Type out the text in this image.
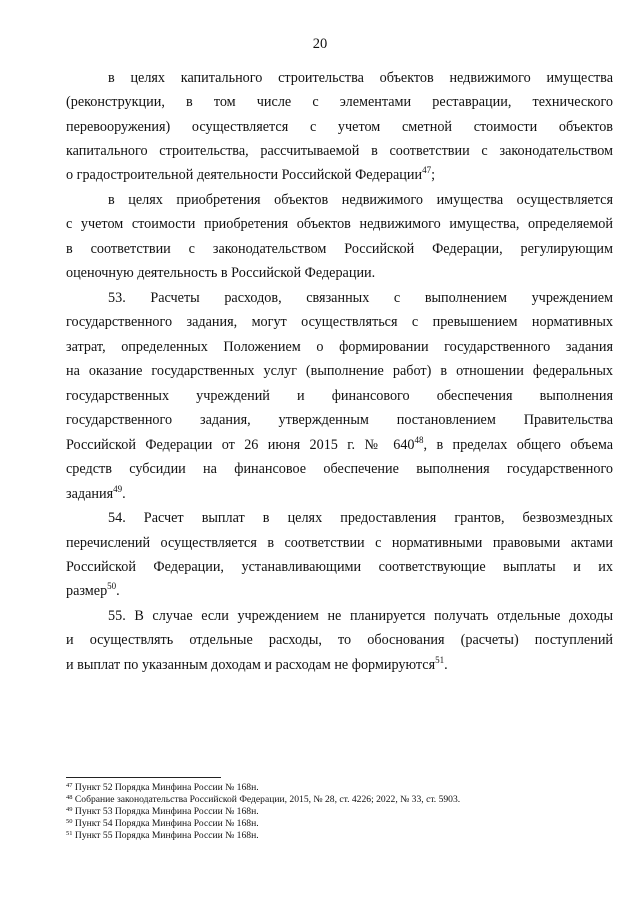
20
в целях капитального строительства объектов недвижимого имущества
(реконструкции, в том числе с элементами реставрации, технического
перевооружения) осуществляется с учетом сметной стоимости объектов
капитального строительства, рассчитываемой в соответствии с законодательством
о градостроительной деятельности Российской Федерации$^{47}$;
в целях приобретения объектов недвижимого имущества осуществляется
с учетом стоимости приобретения объектов недвижимого имущества, определяемой
в соответствии с законодательством Российской Федерации, регулирующим
оценочную деятельность в Российской Федерации.
53. Расчеты расходов, связанных с выполнением учреждением
государственного задания, могут осуществляться с превышением нормативных
затрат, определенных Положением о формировании государственного задания
на оказание государственных услуг (выполнение работ) в отношении федеральных
государственных учреждений и финансового обеспечения выполнения
государственного задания, утвержденным постановлением Правительства
Российской Федерации от 26 июня 2015 г. № $640^{48}$, в пределах общего объема
средств субсидии на финансовое обеспечение выполнения государственного
задания$^{49}$.
54. Расчет выплат в целях предоставления грантов, безвозмездных
перечислений осуществляется в соответствии с нормативными правовыми актами
Российской Федерации, устанавливающими соответствующие выплаты и их
размер$^{50}$.
55. В случае если учреждением не планируется получать отдельные доходы
и осуществлять отдельные расходы, то обоснования (расчеты) поступлений
и выплат по указанным доходам и расходам не формируются$^{51}$.
$^{47}$ Пункт 52 Порядка Минфина России № 168н.
$^{48}$ Собрание законодательства Российской Федерации, 2015, № 28, ст. 4226; 2022, № 33, ст. 5903.
$^{49}$ Пункт 53 Порядка Минфина России № 168н.
$^{50}$ Пункт 54 Порядка Минфина России № 168н.
$^{51}$ Пункт 55 Порядка Минфина России № 168н.
